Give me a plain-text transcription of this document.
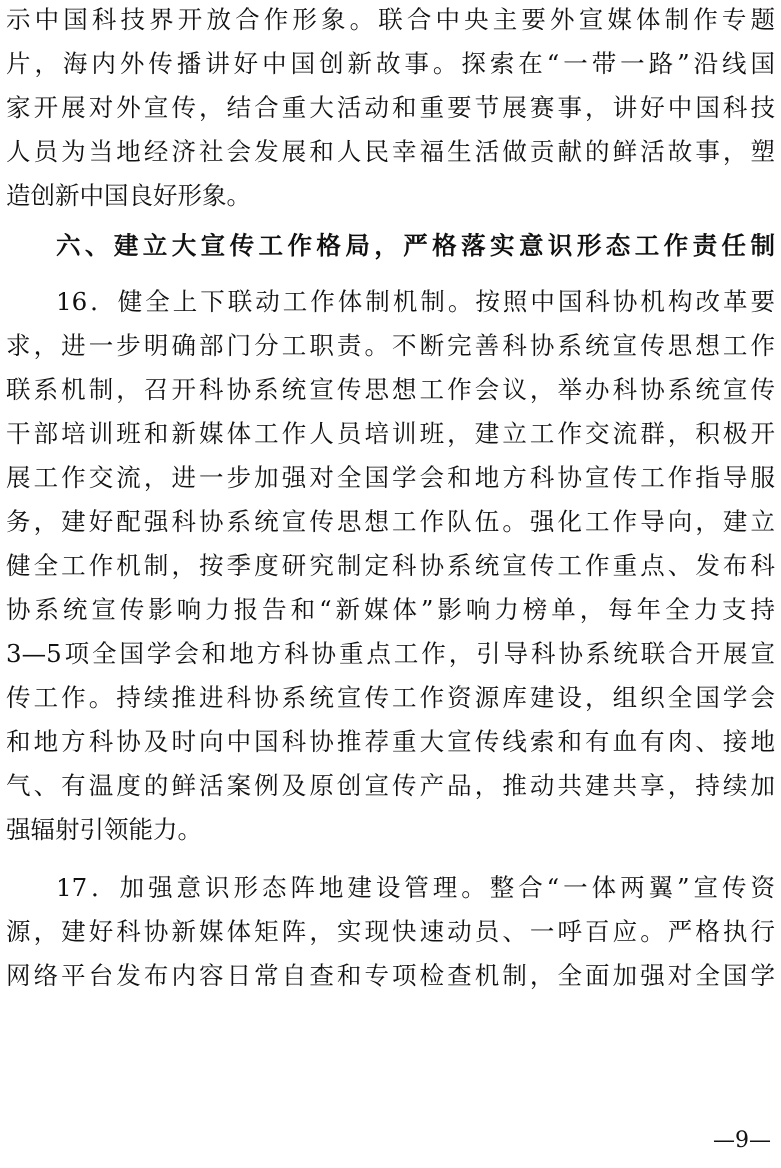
示中国科技界开放合作形象。联合中央主要外宣媒体制作专题
片，海内外传播讲好中国创新故事。探索在“一带一路”沿线国
家开展对外宣传，结合重大活动和重要节展赛事，讲好中国科技
人员为当地经济社会发展和人民幸福生活做贡献的鲜活故事，塑
造创新中国良好形象。
六、建立大宣传工作格局，严格落实意识形态工作责任制
16．健全上下联动工作体制机制。按照中国科协机构改革要
求，进一步明确部门分工职责。不断完善科协系统宣传思想工作
联系机制，召开科协系统宣传思想工作会议，举办科协系统宣传
干部培训班和新媒体工作人员培训班，建立工作交流群，积极开
展工作交流，进一步加强对全国学会和地方科协宣传工作指导服
务，建好配强科协系统宣传思想工作队伍。强化工作导向，建立
健全工作机制，按季度研究制定科协系统宣传工作重点、发布科
协系统宣传影响力报告和“新媒体”影响力榜单，每年全力支持
3—5项全国学会和地方科协重点工作，引导科协系统联合开展宣
传工作。持续推进科协系统宣传工作资源库建设，组织全国学会
和地方科协及时向中国科协推荐重大宣传线索和有血有肉、接地
气、有温度的鲜活案例及原创宣传产品，推动共建共享，持续加
强辐射引领能力。
17．加强意识形态阵地建设管理。整合“一体两翼”宣传资
源，建好科协新媒体矩阵，实现快速动员、一呼百应。严格执行
网络平台发布内容日常自查和专项检查机制，全面加强对全国学
—9—
